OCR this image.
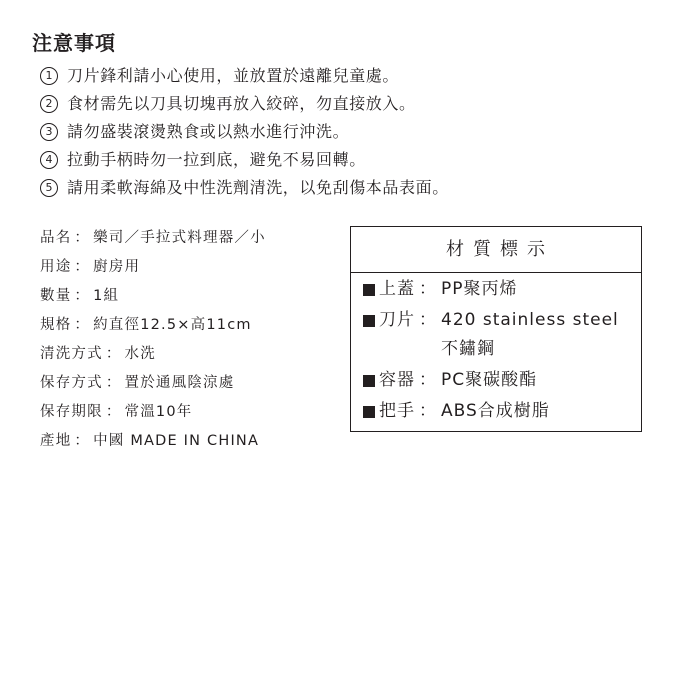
注意事項
1 刀片鋒利請小心使用，並放置於遠離兒童處。
2 食材需先以刀具切塊再放入絞碎，勿直接放入。
3 請勿盛裝滾燙熟食或以熱水進行沖洗。
4 拉動手柄時勿一拉到底，避免不易回轉。
5 請用柔軟海綿及中性洗劑清洗，以免刮傷本品表面。
品名 ： 樂司／手拉式料理器／小
用途 ： 廚房用
數量 ： 1組
規格 ： 約直徑12.5×高11cm
清洗方式 ： 水洗
保存方式 ： 置於通風陰涼處
保存期限 ： 常溫10年
產地 ： 中國 MADE IN CHINA
材質標示
上蓋 ： PP聚丙烯
刀片 ： 420 stainless steel
不鏽鋼
容器 ： PC聚碳酸酯
把手 ： ABS合成樹脂
